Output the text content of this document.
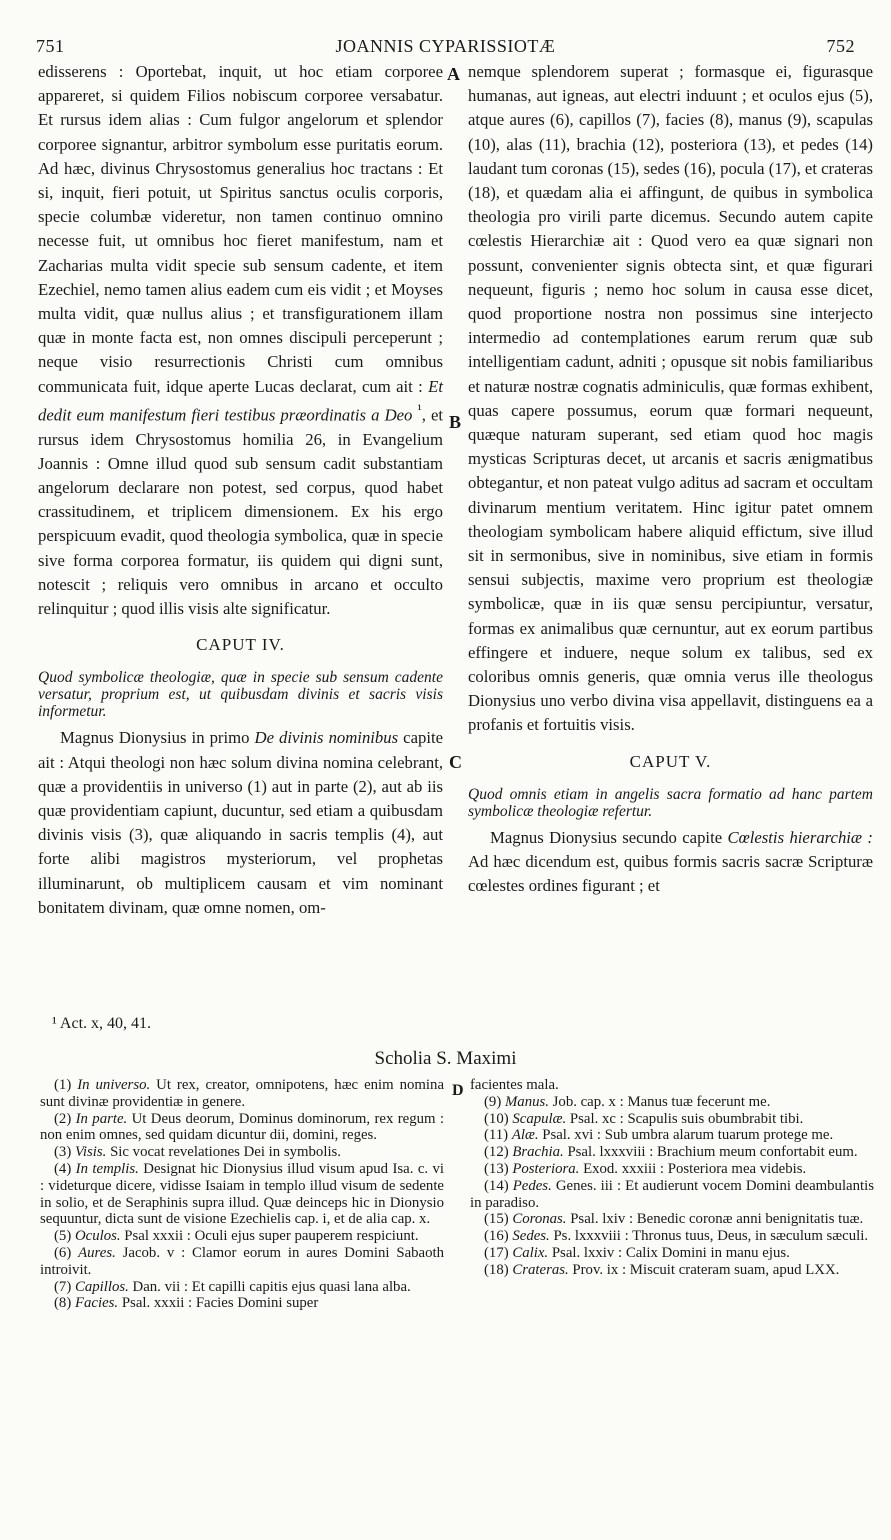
751	JOANNIS CYPARISSIOTÆ	752
A
B
C
D

edisserens : Oportebat, inquit, ut hoc etiam corporee appareret, si quidem Filios nobiscum corporee versabatur. Et rursus idem alias : Cum fulgor angelorum et splendor corporee signantur, arbitror symbolum esse puritatis eorum. Ad hæc, divinus Chrysostomus generalius hoc tractans : Et si, inquit, fieri potuit, ut Spiritus sanctus oculis corporis, specie columbæ videretur, non tamen continuo omnino necesse fuit, ut omnibus hoc fieret manifestum, nam et Zacharias multa vidit specie sub sensum cadente, et item Ezechiel, nemo tamen alius eadem cum eis vidit ; et Moyses multa vidit, quæ nullus alius ; et transfigurationem illam quæ in monte facta est, non omnes discipuli perceperunt ; neque visio resurrectionis Christi cum omnibus communicata fuit, idque aperte Lucas declarat, cum ait : Et dedit eum manifestum fieri testibus præordinatis a Deo $^{^1}$, et rursus idem Chrysostomus homilia 26, in Evangelium Joannis : Omne illud quod sub sensum cadit substantiam angelorum declarare non potest, sed corpus, quod habet crassitudinem, et triplicem dimensionem. Ex his ergo perspicuum evadit, quod theologia symbolica, quæ in specie sive forma corporea formatur, iis quidem qui digni sunt, notescit ; reliquis vero omnibus in arcano et occulto relinquitur ; quod illis visis alte significatur.

CAPUT IV.
Quod symbolicæ theologiæ, quæ in specie sub sensum cadente versatur, proprium est, ut quibusdam divinis et sacris visis informetur.

Magnus Dionysius in primo De divinis nominibus capite ait : Atqui theologi non hæc solum divina nomina celebrant, quæ a providentiis in universo (1) aut in parte (2), aut ab iis quæ providentiam capiunt, ducuntur, sed etiam a quibusdam divinis visis (3), quæ aliquando in sacris templis (4), aut forte alibi magistros mysteriorum, vel prophetas illuminarunt, ob multiplicem causam et vim nominant bonitatem divinam, quæ omne nomen, om-

nemque splendorem superat ; formasque ei, figurasque humanas, aut igneas, aut electri induunt ; et oculos ejus (5), atque aures (6), capillos (7), facies (8), manus (9), scapulas (10), alas (11), brachia (12), posteriora (13), et pedes (14) laudant tum coronas (15), sedes (16), pocula (17), et crateras (18), et quædam alia ei affingunt, de quibus in symbolica theologia pro virili parte dicemus. Secundo autem capite cœlestis Hierarchiæ ait : Quod vero ea quæ signari non possunt, convenienter signis obtecta sint, et quæ figurari nequeunt, figuris ; nemo hoc solum in causa esse dicet, quod proportione nostra non possimus sine interjecto intermedio ad contemplationes earum rerum quæ sub intelligentiam cadunt, adniti ; opusque sit nobis familiaribus et naturæ nostræ cognatis adminiculis, quæ formas exhibent, quas capere possumus, eorum quæ formari nequeunt, quæque naturam superant, sed etiam quod hoc magis mysticas Scripturas decet, ut arcanis et sacris ænigmatibus obtegantur, et non pateat vulgo aditus ad sacram et occultam divinarum mentium veritatem. Hinc igitur patet omnem theologiam symbolicam habere aliquid effictum, sive illud sit in sermonibus, sive in nominibus, sive etiam in formis sensui subjectis, maxime vero proprium est theologiæ symbolicæ, quæ in iis quæ sensu percipiuntur, versatur, formas ex animalibus quæ cernuntur, aut ex eorum partibus effingere et induere, neque solum ex talibus, sed ex coloribus omnis generis, quæ omnia verus ille theologus Dionysius uno verbo divina visa appellavit, distinguens ea a profanis et fortuitis visis.

CAPUT V.
Quod omnis etiam in angelis sacra formatio ad hanc partem symbolicæ theologiæ refertur.

Magnus Dionysius secundo capite Cœlestis hierarchiæ : Ad hæc dicendum est, quibus formis sacris sacræ Scripturæ cœlestes ordines figurant ; et

¹ Act. x, 40, 41.
Scholia S. Maximi

(1) In universo. Ut rex, creator, omnipotens, hæc enim nomina sunt divinæ providentiæ in genere.

(2) In parte. Ut Deus deorum, Dominus dominorum, rex regum : non enim omnes, sed quidam dicuntur dii, domini, reges.

(3) Visis. Sic vocat revelationes Dei in symbolis.

(4) In templis. Designat hic Dionysius illud visum apud Isa. c. vi : videturque dicere, vidisse Isaiam in templo illud visum de sedente in solio, et de Seraphinis supra illud. Quæ deinceps hic in Dionysio sequuntur, dicta sunt de visione Ezechielis cap. i, et de alia cap. x.

(5) Oculos. Psal xxxii : Oculi ejus super pauperem respiciunt.

(6) Aures. Jacob. v : Clamor eorum in aures Domini Sabaoth introivit.

(7) Capillos. Dan. vii : Et capilli capitis ejus quasi lana alba.

(8) Facies. Psal. xxxii : Facies Domini super

facientes mala.

(9) Manus. Job. cap. x : Manus tuæ fecerunt me.

(10) Scapulæ. Psal. xc : Scapulis suis obumbrabit tibi.

(11) Alæ. Psal. xvi : Sub umbra alarum tuarum protege me.

(12) Brachia. Psal. lxxxviii : Brachium meum confortabit eum.

(13) Posteriora. Exod. xxxiii : Posteriora mea videbis.

(14) Pedes. Genes. iii : Et audierunt vocem Domini deambulantis in paradiso.

(15) Coronas. Psal. lxiv : Benedic coronæ anni benignitatis tuæ.

(16) Sedes. Ps. lxxxviii : Thronus tuus, Deus, in sæculum sæculi.

(17) Calix. Psal. lxxiv : Calix Domini in manu ejus.

(18) Crateras. Prov. ix : Miscuit crateram suam, apud LXX.
